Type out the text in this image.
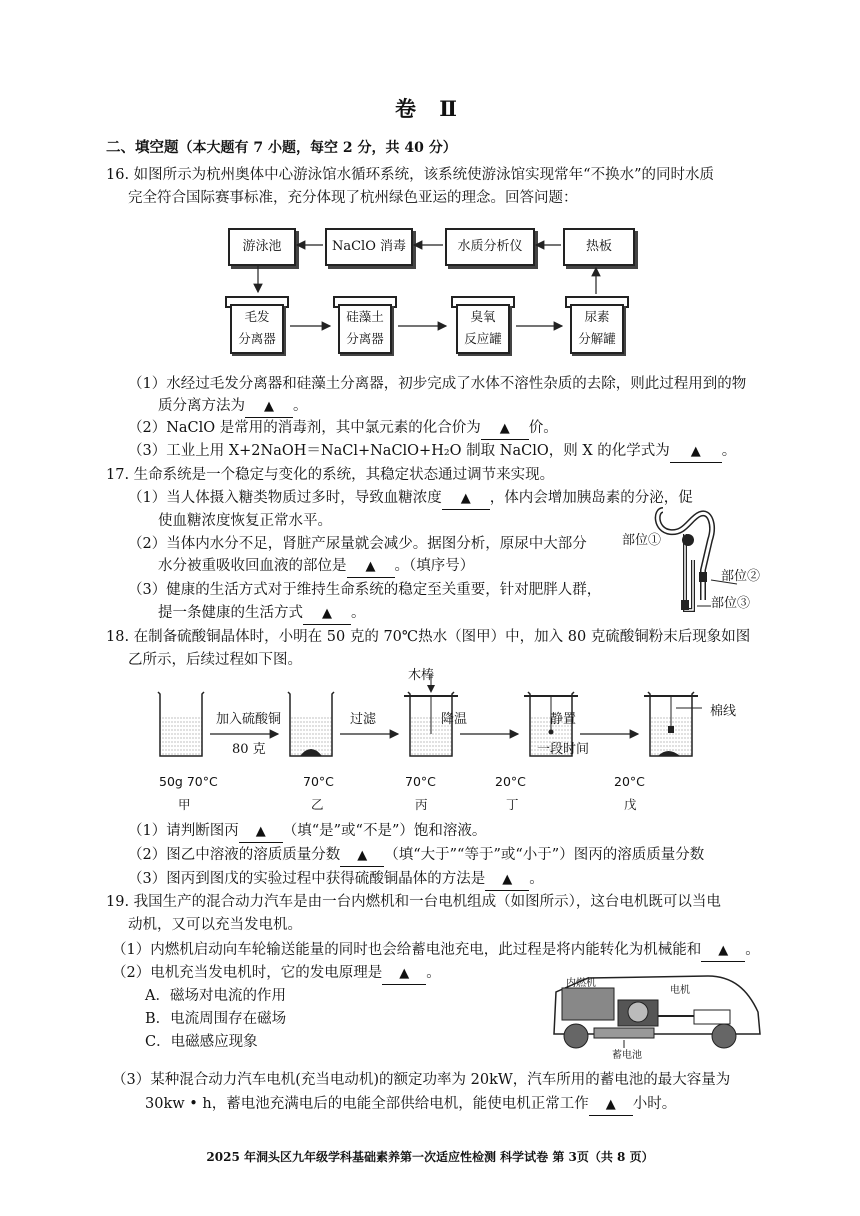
卷 Ⅱ
二、填空题（本大题有 7 小题，每空 2 分，共 40 分）
16. 如图所示为杭州奥体中心游泳馆水循环系统，该系统使游泳馆实现常年“不换水”的同时水质
完全符合国际赛事标准，充分体现了杭州绿色亚运的理念。回答问题：
游泳池	NaClO 消毒	水质分析仪	热板
毛发
分离器
硅藻土
分离器
臭氧
反应罐
尿素
分解罐
（1）水经过毛发分离器和硅藻土分离器，初步完成了水体不溶性杂质的去除，则此过程用到的物
质分离方法为 ▲ 。
（2）NaClO 是常用的消毒剂，其中氯元素的化合价为 ▲ 价。
（3）工业上用 X+2NaOH＝NaCl+NaClO+H₂O 制取 NaClO，则 X 的化学式为 ▲ 。
17. 生命系统是一个稳定与变化的系统，其稳定状态通过调节来实现。
（1）当人体摄入糖类物质过多时，导致血糖浓度 ▲ ，体内会增加胰岛素的分泌，促
使血糖浓度恢复正常水平。
（2）当体内水分不足，肾脏产尿量就会减少。据图分析，原尿中大部分
水分被重吸收回血液的部位是 ▲ 。（填序号）
（3）健康的生活方式对于维持生命系统的稳定至关重要，针对肥胖人群，
提一条健康的生活方式 ▲ 。
部位①
部位②
部位③
18. 在制备硫酸铜晶体时，小明在 50 克的 70℃热水（图甲）中，加入 80 克硫酸铜粉末后现象如图
乙所示，后续过程如下图。
木棒
加入硫酸铜
80 克
过滤	降温	静置
一段时间
棉线
50g 70°C
甲
70°C
乙
70°C
丙
20°C
丁
20°C
戊
（1）请判断图丙 ▲ （填“是”或“不是”）饱和溶液。
（2）图乙中溶液的溶质质量分数 ▲ （填“大于”“等于”或“小于”）图丙的溶质质量分数
（3）图丙到图戊的实验过程中获得硫酸铜晶体的方法是 ▲ 。
19. 我国生产的混合动力汽车是由一台内燃机和一台电机组成（如图所示），这台电机既可以当电
动机，又可以充当发电机。
（1）内燃机启动向车轮输送能量的同时也会给蓄电池充电，此过程是将内能转化为机械能和 ▲ 。
（2）电机充当发电机时，它的发电原理是 ▲ 。
A．磁场对电流的作用
B．电流周围存在磁场
C．电磁感应现象
内燃机
电机
蓄电池
（3）某种混合动力汽车电机(充当电动机)的额定功率为 20kW，汽车所用的蓄电池的最大容量为
30kw • h，蓄电池充满电后的电能全部供给电机，能使电机正常工作 ▲ 小时。
2025 年洞头区九年级学科基础素养第一次适应性检测 科学试卷 第 3页（共 8 页）
